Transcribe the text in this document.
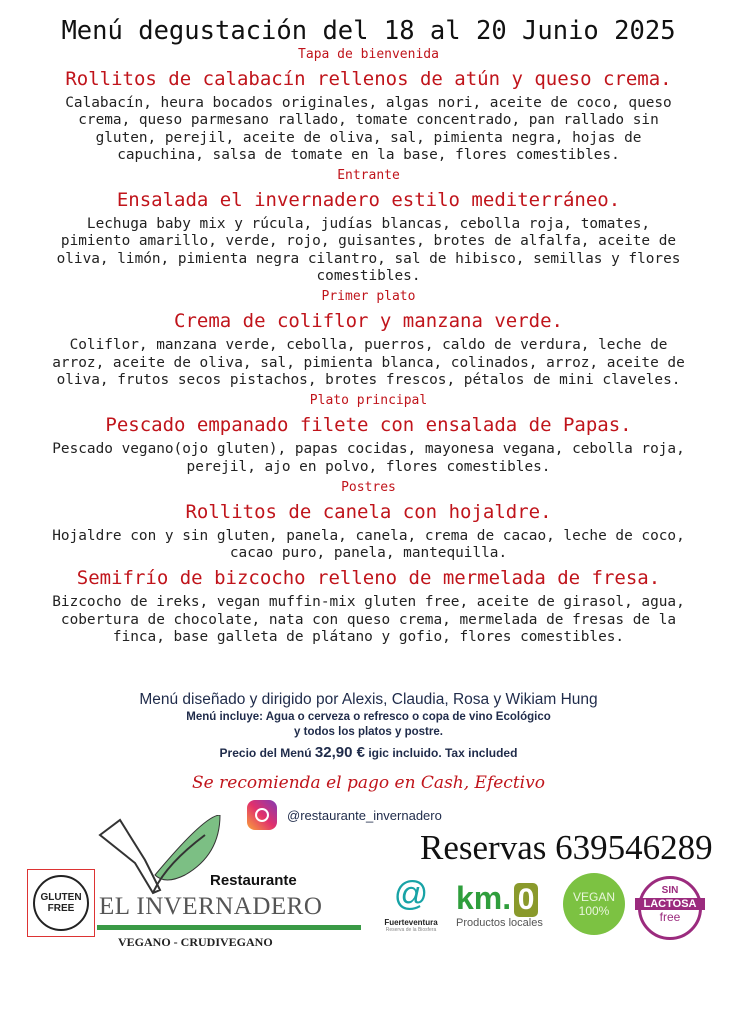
Menú degustación del 18 al 20 Junio 2025
Tapa de bienvenida
Rollitos de calabacín rellenos de atún y queso crema.
Calabacín, heura bocados originales, algas nori, aceite de coco, queso
crema, queso parmesano rallado, tomate concentrado, pan rallado sin
gluten, perejil, aceite de oliva, sal, pimienta negra, hojas de
capuchina, salsa de tomate en la base, flores comestibles.
Entrante
Ensalada el invernadero estilo mediterráneo.
Lechuga baby mix y rúcula, judías blancas, cebolla roja, tomates,
pimiento amarillo, verde, rojo, guisantes, brotes de alfalfa, aceite de
oliva, limón, pimienta negra cilantro, sal de hibisco, semillas y flores
comestibles.
Primer plato
Crema de coliflor y manzana verde.
Coliflor, manzana verde, cebolla, puerros, caldo de verdura, leche de
arroz, aceite de oliva, sal, pimienta blanca, colinados, arroz, aceite de
oliva, frutos secos pistachos, brotes frescos, pétalos de mini claveles.
Plato principal
Pescado empanado filete con ensalada de Papas.
Pescado vegano(ojo gluten), papas cocidas, mayonesa vegana, cebolla roja,
perejil, ajo en polvo, flores comestibles.
Postres
Rollitos de canela con hojaldre.
Hojaldre con y sin gluten, panela, canela, crema de cacao, leche de coco,
cacao puro, panela, mantequilla.
Semifrío de bizcocho relleno de mermelada de fresa.
Bizcocho de ireks, vegan muffin-mix gluten free, aceite de girasol, agua,
cobertura de chocolate, nata con queso crema, mermelada de fresas de la
finca, base galleta de plátano y gofio, flores comestibles.
Menú diseñado y dirigido por Alexis, Claudia, Rosa y Wikiam Hung
Menú incluye: Agua o cerveza o refresco o copa de vino Ecológico
y todos los platos y postre.
Precio del Menú 32,90 € igic incluido. Tax included
Se recomienda el pago en Cash, Efectivo
@restaurante_invernadero
Reservas 639546289
GLUTEN FREE
Restaurante
EL INVERNADERO
VEGANO - CRUDIVEGANO
@
Fuerteventura
Reserva de la Biosfera
km. 0
Productos locales
VEGAN 100%
SIN
LACTOSA
free
